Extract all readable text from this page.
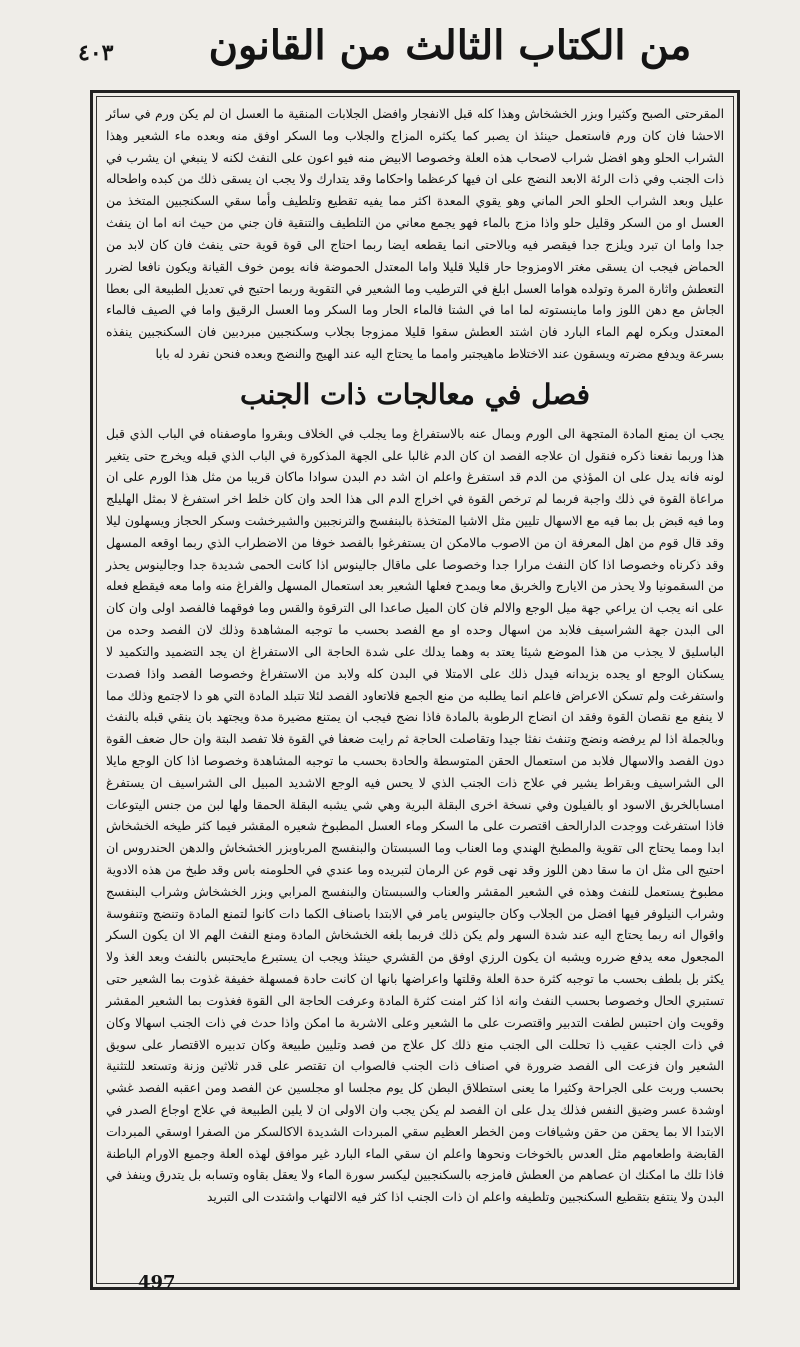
٤٠٣	من الكتاب الثالث من القانون

المقرحتى الصبح وكثيرا وبزر الخشخاش وهذا كله قبل الانفجار وافضل الجلابات المنقية ما العسل ان لم يكن ورم في سائر الاحشا فان كان ورم فاستعمل حينئذ ان يصبر كما يكثره المزاج والجلاب وما السكر اوفق منه وبعده ماء الشعير وهذا الشراب الحلو وهو افضل شراب لاصحاب هذه العلة وخصوصا الابيض منه فيو اعون على النفث لكنه لا ينبغي ان يشرب في ذات الجنب وفي ذات الرئة الابعد النضج على ان فيها كرعظما واحكاما وقد يتدارك ولا يجب ان يسقى ذلك من كبده واطحاله عليل وبعد الشراب الحلو الحر الماني وهو يقوي المعدة اكثر مما يفيه تقطيع وتلطيف وأما سقي السكنجبين المتخذ من العسل او من السكر وقليل حلو واذا مزج بالماء فهو يجمع معاني من التلطيف والتنقية فان جني من حيث انه اما ان ينفث جدا واما ان تبرد ويلزج جدا فيقصر فيه وبالاحتى انما يقطعه ايضا ربما احتاج الى قوة قوية حتى ينفث فان كان لابد من الحماض فيجب ان يسقى مغتر الاومزوجا حار قليلا قليلا واما المعتدل الحموضة فانه يومن خوف القيانة ويكون نافعا لضرر التعطش واثارة المرة وتولده هواما العسل ابلغ في الترطيب وما الشعير في التقوية وربما احتيج في تعديل الطبيعة الى بعطا الجاش مع دهن اللوز واما ماينستوته لما اما في الشتا فالماء الحار وما السكر وما العسل الرقيق واما في الصيف فالماء المعتدل وبكره لهم الماء البارد فان اشتد العطش سقوا قليلا ممزوجا بجلاب وسكنجبين مبردبين فان السكنجبين ينفذه بسرعة ويدفع مضرته ويسقون عند الاختلاط ماهيجتبر وامما ما يحتاج اليه عند الهيج والنضج وبعده فنحن نفرد له بابا

فصل في معالجات ذات الجنب

يجب ان يمنع المادة المتجهة الى الورم وبمال عنه بالاستفراغ وما يجلب في الخلاف وبقروا ماوصفناه في الباب الذي قبل هذا وربما نفعنا ذكره فنقول ان علاجه الفصد ان كان الدم غالبا على الجهة المذكورة في الباب الذي قبله ويخرج حتى يتغير لونه فانه يدل على ان المؤذي من الدم قد استفرغ واعلم ان اشد دم البدن سوادا ماكان قريبا من مثل هذا الورم على ان مراعاة القوة في ذلك واجبة فربما لم ترخص القوة في اخراج الدم الى هذا الحد وان كان خلط اخر استفرغ لا بمثل الهليلج وما فيه قبض بل بما فيه مع الاسهال تليين مثل الاشيا المتخذة بالبنفسج والترنجبين والشيرخشت وسكر الحجاز ويسهلون ليلا وقد قال قوم من اهل المعرفة ان من الاصوب مالامكن ان يستفرغوا بالفصد خوفا من الاضطراب الذي ربما اوقعه المسهل وقد ذكرناه وخصوصا اذا كان النفث مرارا جدا وخصوصا على ماقال جالينوس اذا كانت الحمى شديدة جدا وجالينوس يحذر من السقمونيا ولا يحذر من الايارج والخربق معا ويمدح فعلها الشعير بعد استعمال المسهل والفراغ منه واما معه فيقطع فعله على انه يجب ان يراعي جهة ميل الوجع والالم فان كان الميل صاعدا الى الترقوة والقس وما فوقهما فالفصد اولى وان كان الى البدن جهة الشراسيف فلابد من اسهال وحده او مع الفصد بحسب ما توجبه المشاهدة وذلك لان الفصد وحده من الباسليق لا يجذب من هذا الموضع شيئا يعتد به وهما يدلك على شدة الحاجة الى الاستفراغ ان يجد التضميد والتكميد لا يسكنان الوجع او يجده بزيدانه فيدل ذلك على الامتلا في البدن كله ولابد من الاستفراغ وخصوصا الفصد واذا فصدت واستفرغت ولم تسكن الاعراض فاعلم انما يطلبه من منع الجمع فلاتعاود الفصد لئلا تتبلد المادة التي هو دا لاجتمع وذلك مما لا ينفع مع نقصان القوة وفقد ان انضاج الرطوبة بالمادة فاذا نضج فيجب ان يمتنع مضيرة مدة ويجتهد بان ينقي قبله بالنفث وبالجملة اذا لم يرفضه ونضج وتنفث نفثا جيدا وتقاصلت الحاجة ثم رايت ضعفا في القوة فلا تفصد البتة وان حال ضعف القوة دون الفصد والاسهال فلابد من استعمال الحقن المتوسطة والحادة بحسب ما توجبه المشاهدة وخصوصا اذا كان الوجع مايلا الى الشراسيف وبقراط يشير في علاج ذات الجنب الذي لا يحس فيه الوجع الاشديد المبيل الى الشراسيف ان يستفرغ امسابالخربق الاسود او بالفيلون وفي نسخة اخرى البقلة البرية وهي شي يشبه البقلة الحمقا ولها لبن من جنس اليتوعات فاذا استفرغت ووجدت الدارالحف اقتصرت على ما السكر وماء العسل المطبوخ شعيره المقشر فيما كثر طيخه الخشخاش ابدا ومما يحتاج الى تقوية والمطبخ الهندي وما العناب وما السبستان والبنفسج المرباوبزر الخشخاش والدهن الحندروس ان احتيج الى مثل ان ما سقا دهن اللوز وقد نهى قوم عن الرمان لتبريده وما عندي في الحلومنه باس وقد طبخ من هذه الادوية مطبوخ يستعمل للنفث وهذه في الشعير المقشر والعناب والسبستان والبنفسج المرابي وبزر الخشخاش وشراب البنفسج وشراب النيلوفر فيها افضل من الجلاب وكان جالينوس يامر في الابتدا باصناف الكما دات كانوا لتمنع المادة وتنضج وتنفوسة واقوال انه ربما يحتاج اليه عند شدة السهر ولم يكن ذلك فربما بلغه الخشخاش المادة ومنع النفث الهم الا ان يكون السكر المجعول معه يدفع ضرره ويشبه ان يكون الرزي اوفق من القشري حينئذ ويجب ان يستبرع مايحتبس بالنفث وبعد الغذ ولا يكثر بل بلطف بحسب ما توجبه كثرة حدة العلة وقلتها واعراضها بانها ان كانت حادة فمسهلة خفيفة غذوت بما الشعير حتى تستبري الحال وخصوصا بحسب النفث وانه اذا كثر امنت كثرة المادة وعرفت الحاجة الى القوة فغذوت بما الشعير المقشر وقويت وان احتبس لطفت التدبير واقتصرت على ما الشعير وعلى الاشربة ما امكن واذا حدث في ذات الجنب اسهالا وكان في ذات الجنب عقيب ذا تحللت الى الجنب منع ذلك كل علاج من فصد وتليين طبيعة وكان تدبيره الاقتصار على سويق الشعير وان فزعت الى الفصد ضرورة في اصناف ذات الجنب فالصواب ان تقتصر على قدر ثلاثين وزنة وتستعد للتثنية بحسب وربت على الجراحة وكثيرا ما يعنى استطلاق البطن كل يوم مجلسا او مجلسين عن الفصد ومن اعقبه الفصد غشي اوشدة عسر وضيق النفس فذلك يدل على ان الفصد لم يكن يجب وان الاولى ان لا يلين الطبيعة في علاج اوجاع الصدر في الابتدا الا بما يحقن من حقن وشيافات ومن الخطر العظيم سقي المبردات الشديدة الاكالسكر من الصفرا اوسقي المبردات القابضة واطعامهم مثل العدس بالخوخات ونحوها واعلم ان سقي الماء البارد غير موافق لهذه العلة وجميع الاورام الباطنة فاذا تلك ما امكنك ان عصاهم من العطش فامزجه بالسكنجبين ليكسر سورة الماء ولا يعقل بقاوه وتسابه بل يتدرق وينفذ في البدن ولا ينتفع بتقطيع السكنجبين وتلطيفه واعلم ان ذات الجنب اذا كثر فيه الالتهاب واشتدت الى التبريد

497
